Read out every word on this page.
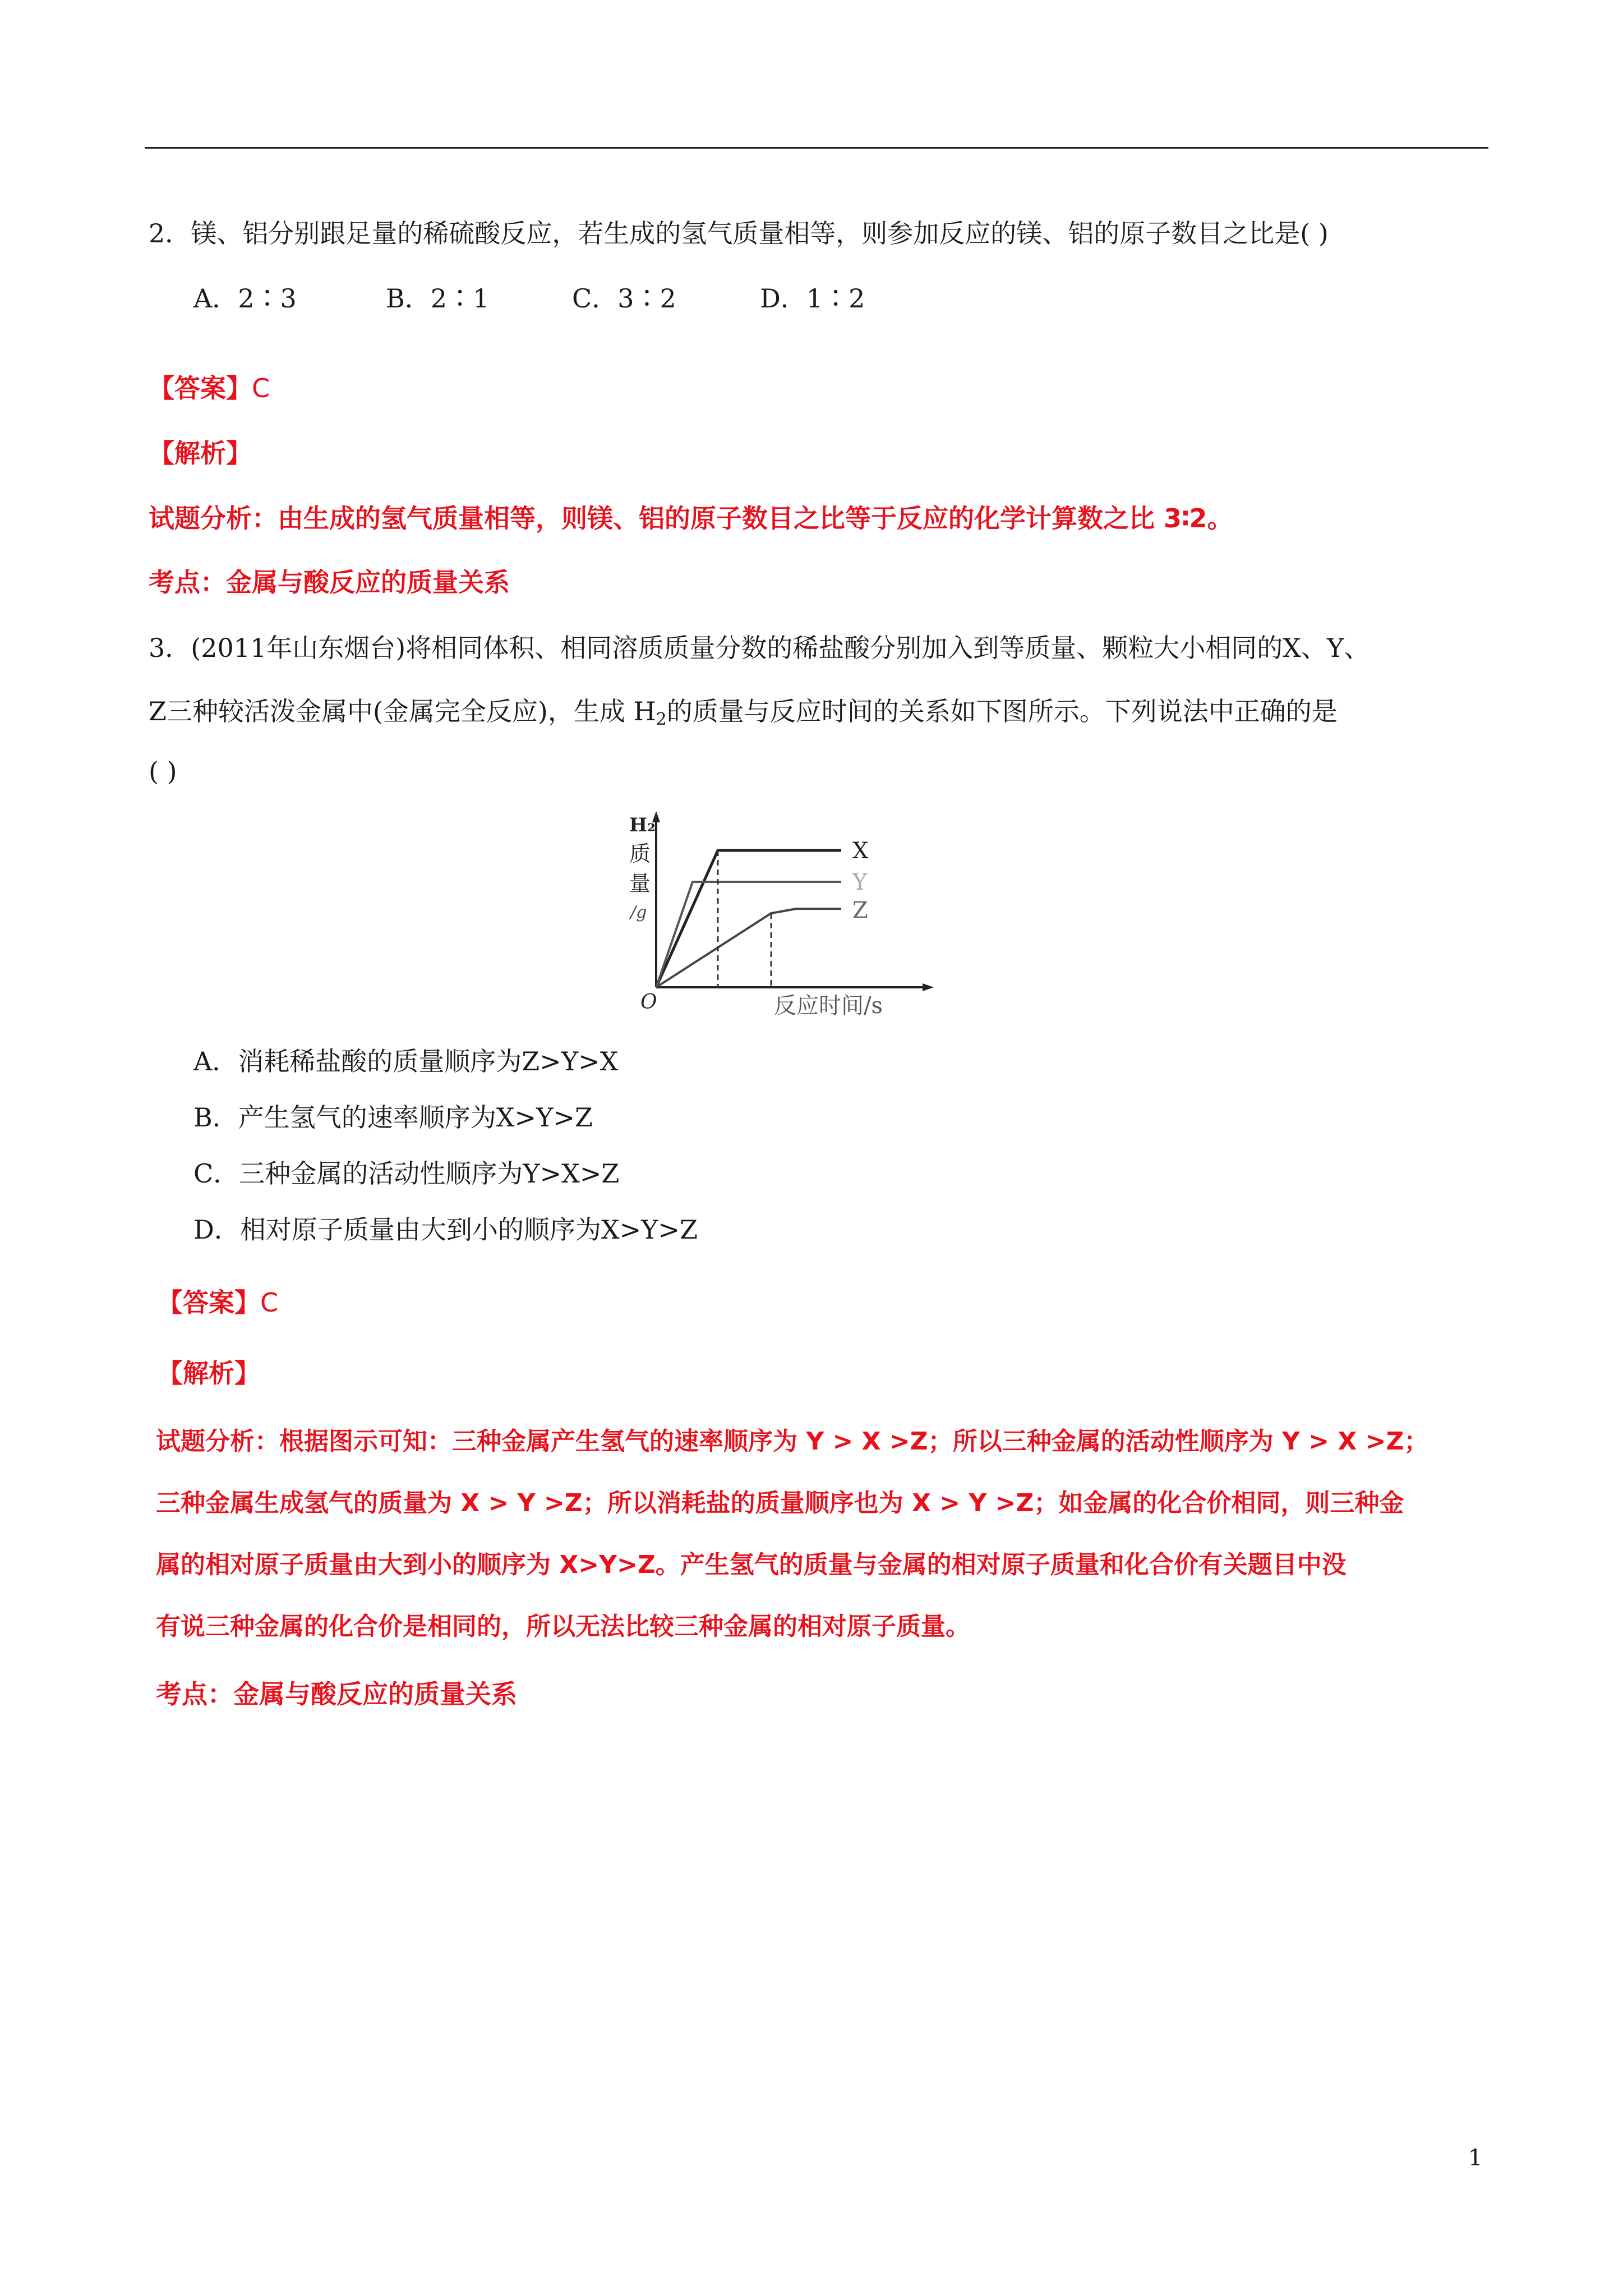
2．镁、铝分别跟足量的稀硫酸反应，若生成的氢气质量相等，则参加反应的镁、铝的原子数目之比是( )
A．2∶3	B．2∶1	C．3∶2	D．1∶2
【答案】C
【解析】
试题分析：由生成的氢气质量相等，则镁、铝的原子数目之比等于反应的化学计算数之比 3∶2。
考点：金属与酸反应的质量关系
3．(2011年山东烟台)将相同体积、相同溶质质量分数的稀盐酸分别加入到等质量、颗粒大小相同的X、Y、
Z三种较活泼金属中(金属完全反应)，生成 $H_2$的质量与反应时间的关系如下图所示。下列说法中正确的是
( )
H₂
质
量
/g
O
X
Y
Z
反应时间/s
A．消耗稀盐酸的质量顺序为Z>Y>X
B．产生氢气的速率顺序为X>Y>Z
C．三种金属的活动性顺序为Y>X>Z
D．相对原子质量由大到小的顺序为X>Y>Z
【答案】C
【解析】
试题分析：根据图示可知：三种金属产生氢气的速率顺序为 Y > X >Z；所以三种金属的活动性顺序为 Y > X >Z；
三种金属生成氢气的质量为 X > Y >Z；所以消耗盐的质量顺序也为 X > Y >Z；如金属的化合价相同，则三种金
属的相对原子质量由大到小的顺序为 X>Y>Z。产生氢气的质量与金属的相对原子质量和化合价有关题目中没
有说三种金属的化合价是相同的，所以无法比较三种金属的相对原子质量。
考点：金属与酸反应的质量关系
1
